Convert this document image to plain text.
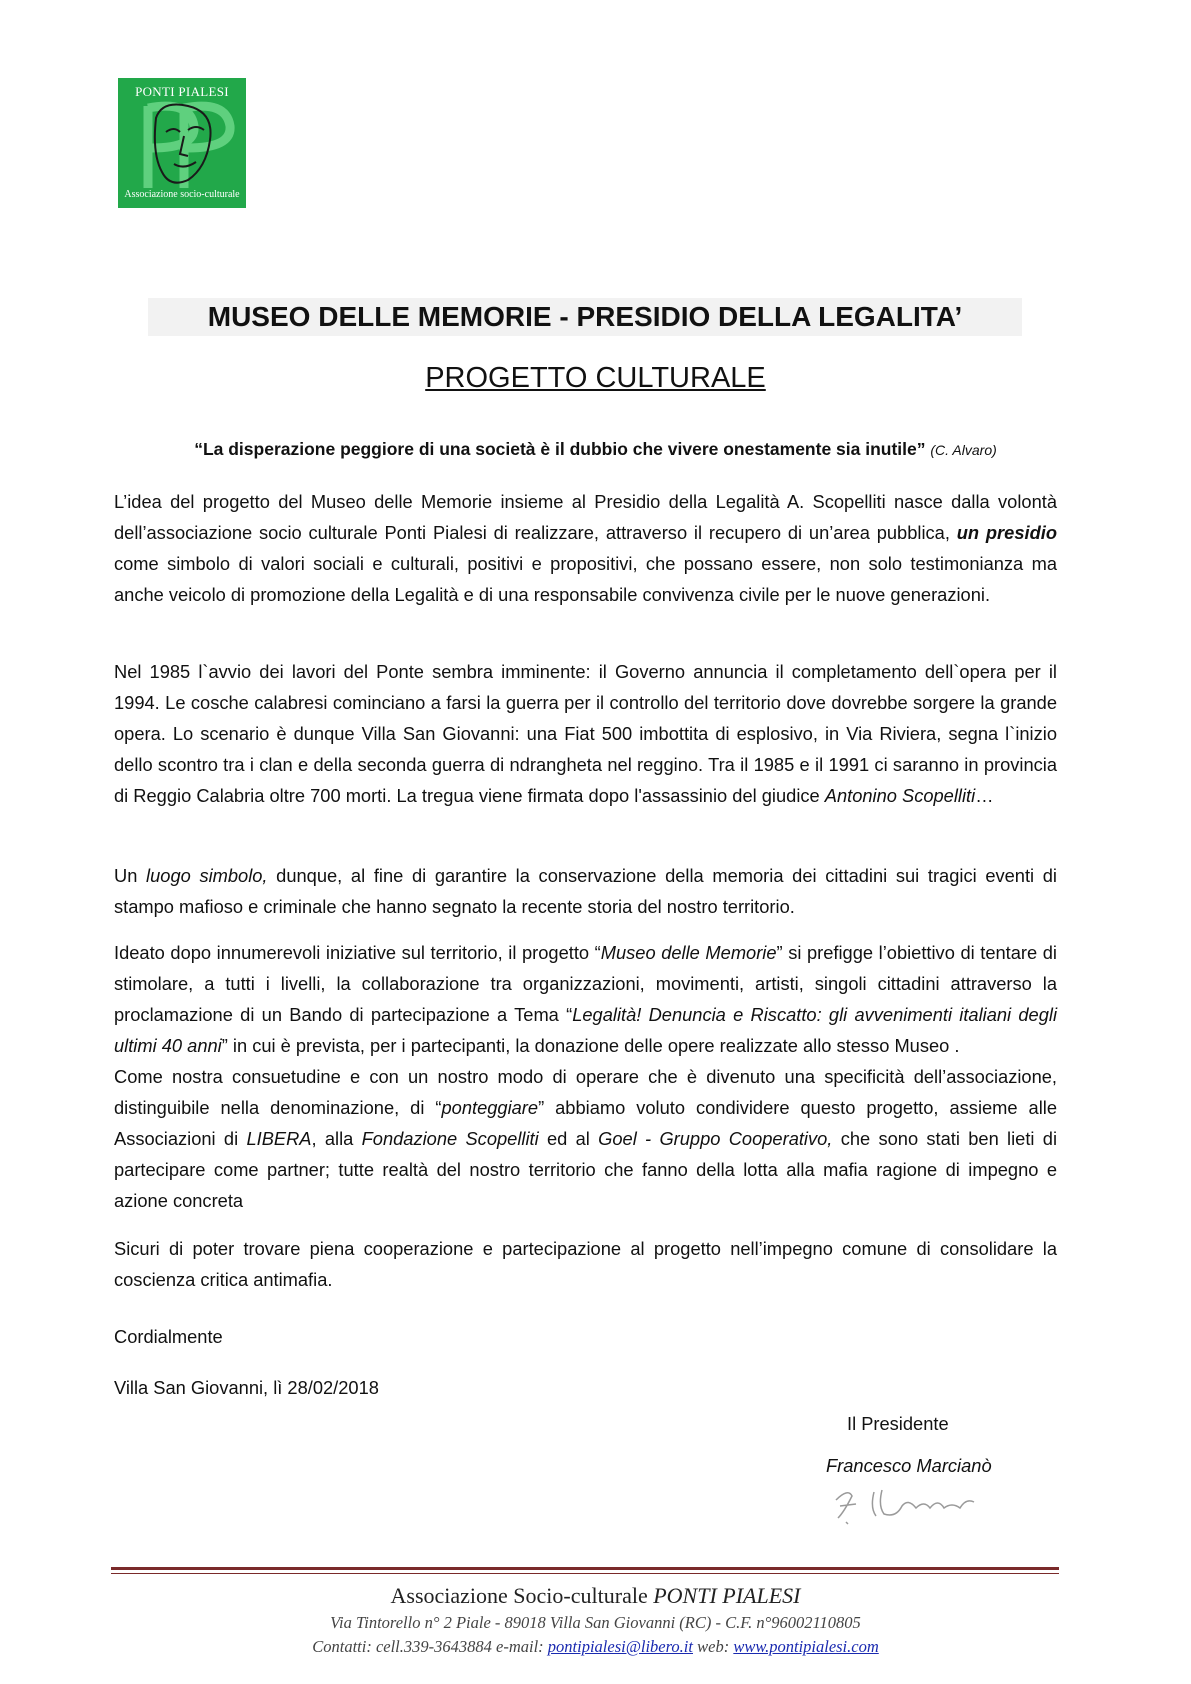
PONTI PIALESI
Associazione socio-culturale
MUSEO DELLE MEMORIE - PRESIDIO DELLA LEGALITA’
PROGETTO CULTURALE
“La disperazione peggiore di una società è il dubbio che vivere onestamente sia inutile” (C. Alvaro)
L’idea del progetto del Museo delle Memorie insieme al Presidio della Legalità A. Scopelliti nasce dalla volontà dell’associazione socio culturale Ponti Pialesi di realizzare, attraverso il recupero di un’area pubblica, un presidio come simbolo di valori sociali e culturali, positivi e propositivi, che possano essere, non solo testimonianza ma anche veicolo di promozione della Legalità e di una responsabile convivenza civile per le nuove generazioni.
Nel 1985 l`avvio dei lavori del Ponte sembra imminente: il Governo annuncia il completamento dell`opera per il 1994. Le cosche calabresi cominciano a farsi la guerra per il controllo del territorio dove dovrebbe sorgere la grande opera. Lo scenario è dunque Villa San Giovanni: una Fiat 500 imbottita di esplosivo, in Via Riviera, segna l`inizio dello scontro tra i clan e della seconda guerra di ndrangheta nel reggino. Tra il 1985 e il 1991 ci saranno in provincia di Reggio Calabria oltre 700 morti. La tregua viene firmata dopo l'assassinio del giudice Antonino Scopelliti…
Un luogo simbolo, dunque, al fine di garantire la conservazione della memoria dei cittadini sui tragici eventi di stampo mafioso e criminale che hanno segnato la recente storia del nostro territorio.
Ideato dopo innumerevoli iniziative sul territorio, il progetto “Museo delle Memorie” si prefigge l’obiettivo di tentare di stimolare, a tutti i livelli, la collaborazione tra organizzazioni, movimenti, artisti, singoli cittadini attraverso la proclamazione di un Bando di partecipazione a Tema “Legalità! Denuncia e Riscatto: gli avvenimenti italiani degli ultimi 40 anni” in cui è prevista, per i partecipanti, la donazione delle opere realizzate allo stesso Museo .
Come nostra consuetudine e con un nostro modo di operare che è divenuto una specificità dell’associazione, distinguibile nella denominazione, di “ponteggiare” abbiamo voluto condividere questo progetto, assieme alle Associazioni di LIBERA, alla Fondazione Scopelliti ed al Goel - Gruppo Cooperativo, che sono stati ben lieti di partecipare come partner; tutte realtà del nostro territorio che fanno della lotta alla mafia ragione di impegno e azione concreta
Sicuri di poter trovare piena cooperazione e partecipazione al progetto nell’impegno comune di consolidare la coscienza critica antimafia.
Cordialmente
Villa San Giovanni, lì 28/02/2018
Il Presidente
Francesco Marcianò
Associazione Socio-culturale PONTI PIALESI
Via Tintorello n° 2 Piale - 89018 Villa San Giovanni (RC) - C.F. n°96002110805
Contatti: cell.339-3643884 e-mail: pontipialesi@libero.it web: www.pontipialesi.com
